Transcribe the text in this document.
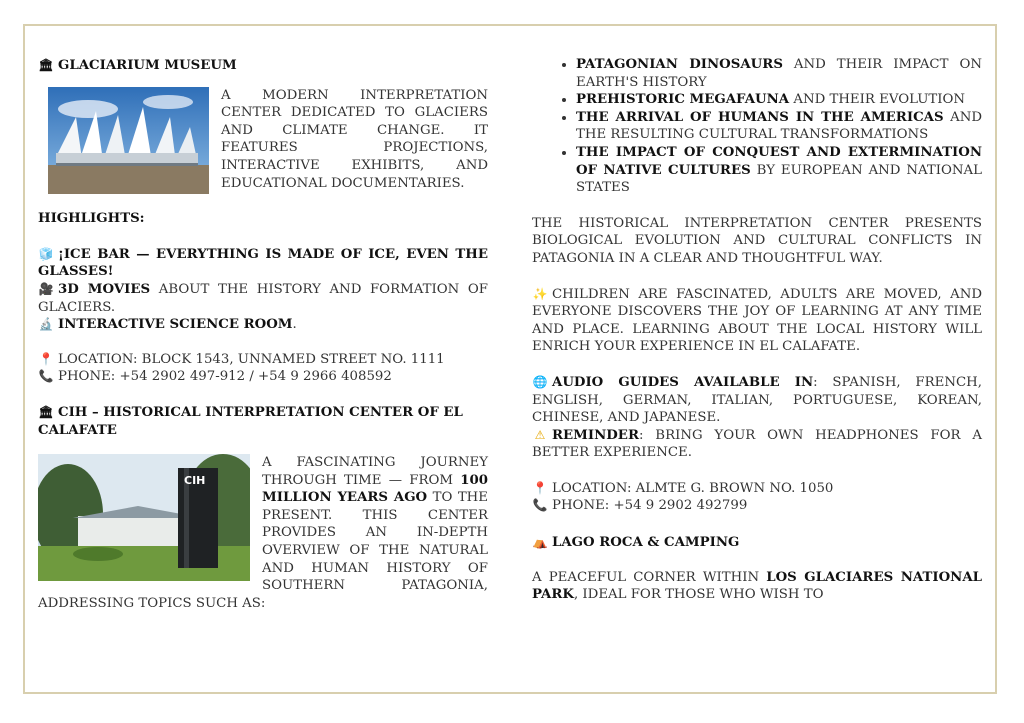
🏛 GLACIARIUM MUSEUM

A MODERN INTERPRETATION CENTER DEDICATED TO GLACIERS AND CLIMATE CHANGE. IT FEATURES PROJECTIONS, INTERACTIVE EXHIBITS, AND EDUCATIONAL DOCUMENTARIES.

HIGHLIGHTS:

🧊 ¡ICE BAR — EVERYTHING IS MADE OF ICE, EVEN THE GLASSES!

🎥 3D MOVIES ABOUT THE HISTORY AND FORMATION OF GLACIERS.

🔬 INTERACTIVE SCIENCE ROOM.

📍 LOCATION: BLOCK 1543, UNNAMED STREET NO. 1111

📞 PHONE: +54 2902 497-912 / +54 9 2966 408592

🏛 CIH – HISTORICAL INTERPRETATION CENTER OF EL CALAFATE
CIH

A FASCINATING JOURNEY THROUGH TIME — FROM 100 MILLION YEARS AGO TO THE PRESENT. THIS CENTER PROVIDES AN IN-DEPTH OVERVIEW OF THE NATURAL AND HUMAN HISTORY OF SOUTHERN PATAGONIA, ADDRESSING TOPICS SUCH AS:

• PATAGONIAN DINOSAURS AND THEIR IMPACT ON EARTH'S HISTORY
• PREHISTORIC MEGAFAUNA AND THEIR EVOLUTION
• THE ARRIVAL OF HUMANS IN THE AMERICAS AND THE RESULTING CULTURAL TRANSFORMATIONS
• THE IMPACT OF CONQUEST AND EXTERMINATION OF NATIVE CULTURES BY EUROPEAN AND NATIONAL STATES

THE HISTORICAL INTERPRETATION CENTER PRESENTS BIOLOGICAL EVOLUTION AND CULTURAL CONFLICTS IN PATAGONIA IN A CLEAR AND THOUGHTFUL WAY.

✨ CHILDREN ARE FASCINATED, ADULTS ARE MOVED, AND EVERYONE DISCOVERS THE JOY OF LEARNING AT ANY TIME AND PLACE. LEARNING ABOUT THE LOCAL HISTORY WILL ENRICH YOUR EXPERIENCE IN EL CALAFATE.

🌐 AUDIO GUIDES AVAILABLE IN: SPANISH, FRENCH, ENGLISH, GERMAN, ITALIAN, PORTUGUESE, KOREAN, CHINESE, AND JAPANESE.

⚠ REMINDER: BRING YOUR OWN HEADPHONES FOR A BETTER EXPERIENCE.

📍 LOCATION: ALMTE G. BROWN NO. 1050

📞 PHONE: +54 9 2902 492799

⛺ LAGO ROCA & CAMPING

A PEACEFUL CORNER WITHIN LOS GLACIARES NATIONAL PARK, IDEAL FOR THOSE WHO WISH TO
